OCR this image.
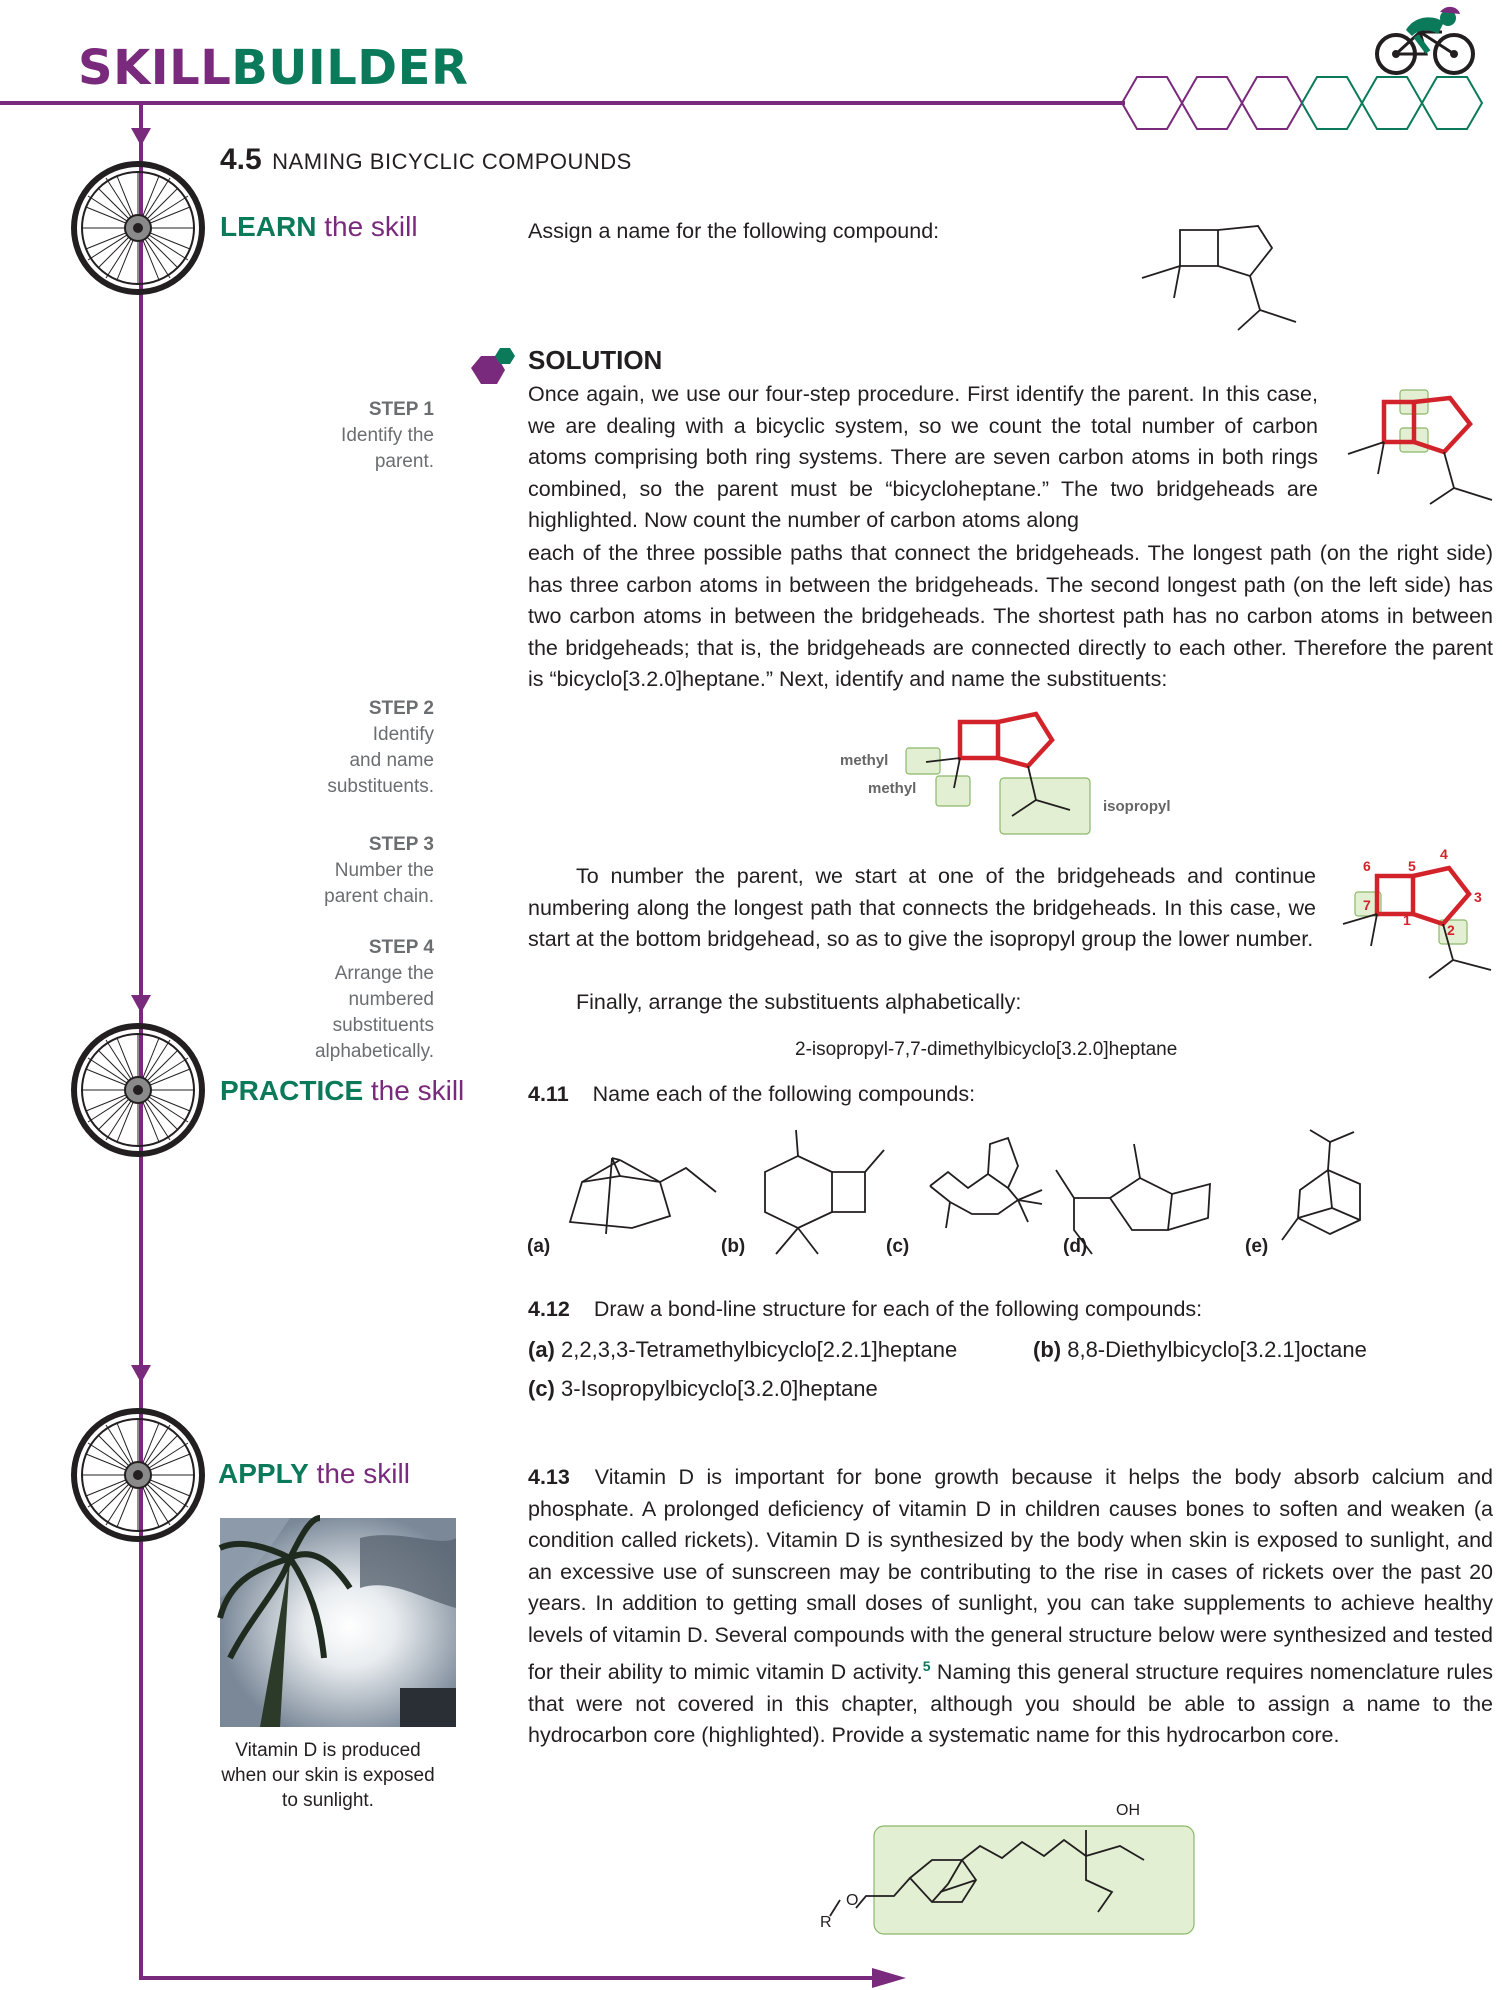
SKILLBUILDER
4.5 NAMING BICYCLIC COMPOUNDS
LEARN the skill	Assign a name for the following compound:
SOLUTION
Once again, we use our four-step procedure. First identify the parent. In this case, we are dealing with a bicyclic system, so we count the total number of carbon atoms comprising both ring systems. There are seven carbon atoms in both rings combined, so the parent must be “bicycloheptane.” The two bridgeheads are highlighted. Now count the number of carbon atoms along
each of the three possible paths that connect the bridgeheads. The longest path (on the right side) has three carbon atoms in between the bridgeheads. The second longest path (on the left side) has two carbon atoms in between the bridgeheads. The shortest path has no carbon atoms in between the bridgeheads; that is, the bridgeheads are connected directly to each other. Therefore the parent is “bicyclo[3.2.0]heptane.” Next, identify and name the substituents:
STEP 1
Identify the
parent.
STEP 2
Identify
and name
substituents.
STEP 3
Number the
parent chain.
STEP 4
Arrange the
numbered
substituents
alphabetically.
methyl
methyl
isopropyl
1
2
3
4
5
6
7
To number the parent, we start at one of the bridgeheads and continue numbering along the longest path that connects the bridgeheads. In this case, we start at the bottom bridgehead, so as to give the isopropyl group the lower number.
Finally, arrange the substituents alphabetically:
2-isopropyl-7,7-dimethylbicyclo[3.2.0]heptane
PRACTICE the skill	4.11 Name each of the following compounds:
(a)	(b)	(c)	(d)	(e)
4.12 Draw a bond-line structure for each of the following compounds:
(a) 2,2,3,3-Tetramethylbicyclo[2.2.1]heptane	(b) 8,8-Diethylbicyclo[3.2.1]octane
(c) 3-Isopropylbicyclo[3.2.0]heptane
APPLY the skill
Vitamin D is produced when our skin is exposed to sunlight.
4.13 Vitamin D is important for bone growth because it helps the body absorb calcium and phosphate. A prolonged deficiency of vitamin D in children causes bones to soften and weaken (a condition called rickets). Vitamin D is synthesized by the body when skin is exposed to sunlight, and an excessive use of sunscreen may be contributing to the rise in cases of rickets over the past 20 years. In addition to getting small doses of sunlight, you can take supplements to achieve healthy levels of vitamin D. Several compounds with the general structure below were synthesized and tested for their ability to mimic vitamin D activity.$^5$ Naming this general structure requires nomenclature rules that were not covered in this chapter, although you should be able to assign a name to the hydrocarbon core (highlighted). Provide a systematic name for this hydrocarbon core.
OH
O
R
